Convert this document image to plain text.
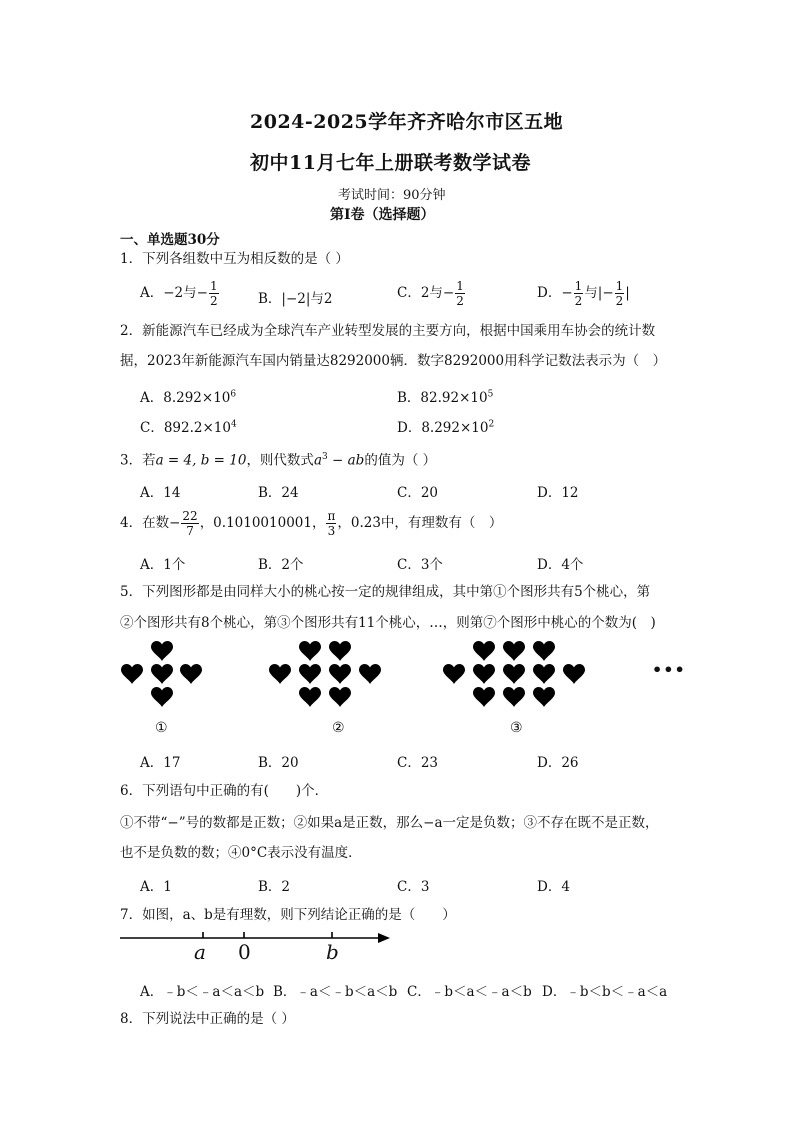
2024-2025学年齐齐哈尔市区五地
初中11月七年上册联考数学试卷
考试时间：90分钟
第Ⅰ卷（选择题）
一、单选题30分
1．下列各组数中互为相反数的是（ ）
A．−2与− $\frac{1}{2}$	B．|−2|与2	C．2与− $\frac{1}{2}$	D．− $\frac{1}{2}$ 与|− $\frac{1}{2}$ |
2．新能源汽车已经成为全球汽车产业转型发展的主要方向，根据中国乘用车协会的统计数
据，2023年新能源汽车国内销量达8292000辆．数字8292000用科学记数法表示为（　）
A．$8.292\times 10^6$	B．$82.92\times 10^5$
C．$892.2\times 10^4$	D．$8.292\times 10^2$
3．若a = 4, b = 10，则代数式$a^3$ − ab的值为（ ）
A．14	B．24	C．20	D．12
4．在数− $\frac{22}{7}$ ，0.1010010001， $\frac{\pi}{3}$ ，0.2̇3̇中，有理数有（　）
A．1个	B．2个	C．3个	D．4个
5．下列图形都是由同样大小的桃心按一定的规律组成，其中第①个图形共有5个桃心，第
②个图形共有8个桃心，第③个图形共有11个桃心，…，则第⑦个图形中桃心的个数为(　)
•••
①	②	③
A．17	B．20	C．23	D．26
6．下列语句中正确的有(　　)个．
①不带“−”号的数都是正数；②如果a是正数，那么−a一定是负数；③不存在既不是正数，
也不是负数的数；④0°C表示没有温度．
A．1	B．2	C．3	D．4
7．如图，a、b是有理数，则下列结论正确的是（　　）
a 0	b
A．﹣b＜﹣a＜a＜b B．﹣a＜﹣b＜a＜b C．﹣b＜a＜﹣a＜b D．﹣b＜b＜﹣a＜a
8．下列说法中正确的是（ ）
